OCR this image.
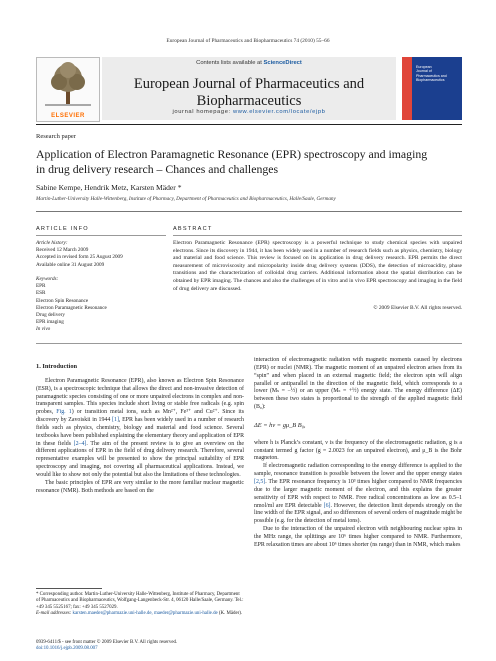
European Journal of Pharmaceutics and Biopharmaceutics 74 (2010) 55–66
ELSEVIER
Contents lists available at ScienceDirect
European Journal of Pharmaceutics and Biopharmaceutics
journal homepage: www.elsevier.com/locate/ejpb
European
Journal of
Pharmaceutics and
Biopharmaceutics
Research paper
Application of Electron Paramagnetic Resonance (EPR) spectroscopy and imaging
in drug delivery research – Chances and challenges
Sabine Kempe, Hendrik Metz, Karsten Mäder *
Martin-Luther-University Halle-Wittenberg, Institute of Pharmacy, Department of Pharmaceutics and Biopharmaceutics, Halle/Saale, Germany
ARTICLE INFO	ABSTRACT
Article history:
Received 12 March 2009
Accepted in revised form 25 August 2009
Available online 31 August 2009
Keywords:
EPR
ESR
Electron Spin Resonance
Electron Paramagnetic Resonance
Drug delivery
EPR imaging
In vivo
Electron Paramagnetic Resonance (EPR) spectroscopy is a powerful technique to study chemical species with unpaired electrons. Since its discovery in 1944, it has been widely used in a number of research fields such as physics, chemistry, biology and material and food science. This review is focused on its application in drug delivery research. EPR permits the direct measurement of microviscosity and micropolarity inside drug delivery systems (DDS), the detection of microacidity, phase transitions and the characterization of colloidal drug carriers. Additional information about the spatial distribution can be obtained by EPR imaging. The chances and also the challenges of in vitro and in vivo EPR spectroscopy and imaging in the field of drug delivery are discussed.
© 2009 Elsevier B.V. All rights reserved.
1. Introduction

Electron Paramagnetic Resonance (EPR), also known as Electron Spin Resonance (ESR), is a spectroscopic technique that allows the direct and non-invasive detection of paramagnetic species consisting of one or more unpaired electrons in complex and non-transparent samples. This species include short living or stable free radicals (e.g. spin probes, Fig. 1) or transition metal ions, such as Mn²⁺, Fe³⁺ and Cu²⁺. Since its discovery by Zavoiskii in 1944 [1], EPR has been widely used in a number of research fields such as physics, chemistry, biology and material and food science. Several textbooks have been published explaining the elementary theory and application of EPR in these fields [2–4]. The aim of the present review is to give an overview on the different applications of EPR in the field of drug delivery research. Therefore, several representative examples will be presented to show the principal suitability of EPR spectroscopy and imaging, not covering all pharmaceutical applications. Instead, we would like to show not only the potential but also the limitations of these technologies.

The basic principles of EPR are very similar to the more familiar nuclear magnetic resonance (NMR). Both methods are based on the

* Corresponding author. Martin-Luther-University Halle-Wittenberg, Institute of Pharmacy, Department of Pharmaceutics and Biopharmaceutics, Wolfgang-Langenbeck-Str. 4, 06120 Halle/Saale, Germany. Tel.: +49 345 5525167; fax: +49 345 5527029.
E-mail addresses: karsten.maeder@pharmazie.uni-halle.de, maeder@pharmazie.uni-halle.de (K. Mäder).
0939-6411/$ - see front matter © 2009 Elsevier B.V. All rights reserved.
doi:10.1016/j.ejpb.2009.08.007

interaction of electromagnetic radiation with magnetic moments caused by electrons (EPR) or nuclei (NMR). The magnetic moment of an unpaired electron arises from its “spin” and when placed in an external magnetic field; the electron spin will align parallel or antiparallel in the direction of the magnetic field, which corresponds to a lower (Mₛ = −½) or an upper (Mₛ = +½) energy state. The energy difference (ΔE) between these two states is proportional to the strength of the applied magnetic field (B₀):

ΔE = hν = gμ_B B₀,

where h is Planck’s constant, ν is the frequency of the electromagnetic radiation, g is a constant termed g factor (g = 2.0023 for an unpaired electron), and μ_B is the Bohr magneton.

If electromagnetic radiation corresponding to the energy difference is applied to the sample, resonance transition is possible between the lower and the upper energy states [2,5]. The EPR resonance frequency is 10³ times higher compared to NMR frequencies due to the larger magnetic moment of the electron, and this explains the greater sensitivity of EPR with respect to NMR. Free radical concentrations as low as 0.5–1 nmol/ml are EPR detectable [6]. However, the detection limit depends strongly on the line width of the EPR signal, and so differences of several orders of magnitude might be possible (e.g. for the detection of metal ions).

Due to the interaction of the unpaired electron with neighbouring nuclear spins in the MHz range, the splittings are 10⁶ times higher compared to NMR. Furthermore, EPR relaxation times are about 10⁶ times shorter (ns range) than in NMR, which makes
